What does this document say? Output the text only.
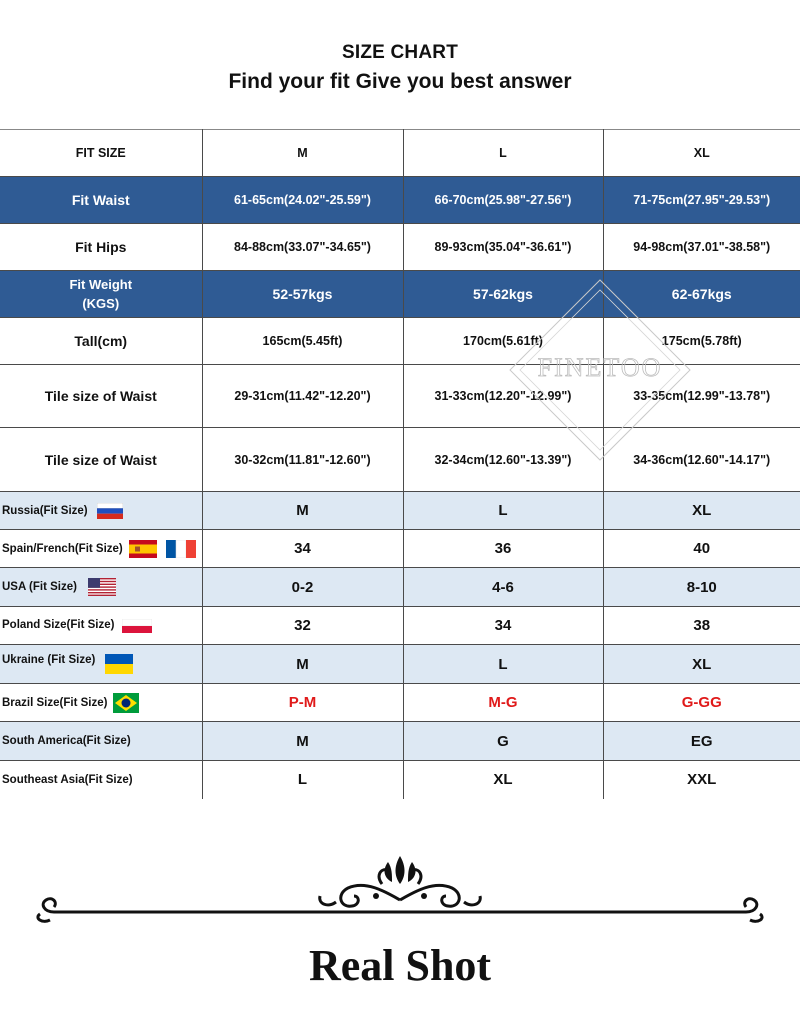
SIZE CHART
Find your fit Give you best answer
FIT SIZE	M	L	XL
Fit Waist	61-65cm(24.02"-25.59")	66-70cm(25.98"-27.56")	71-75cm(27.95"-29.53")
Fit Hips	84-88cm(33.07"-34.65")	89-93cm(35.04"-36.61")	94-98cm(37.01"-38.58")

Fit Weight
(KGS)	52-57kgs	57-62kgs	62-67kgs
Tall(cm)	165cm(5.45ft)	170cm(5.61ft)	175cm(5.78ft)
Tile size of Waist	29-31cm(11.42"-12.20")	31-33cm(12.20"-12.99")	33-35cm(12.99"-13.78")
Tile size of Waist	30-32cm(11.81"-12.60")	32-34cm(12.60"-13.39")	34-36cm(12.60"-14.17")
Russia(Fit Size)	M	L	XL
Spain/French(Fit Size)	34	36	40
USA (Fit Size)	0-2	4-6	8-10
Poland Size(Fit Size)	32	34	38
Ukraine (Fit Size)	M	L	XL
Brazil Size(Fit Size)	P-M	M-G	G-GG
South America(Fit Size)	M	G	EG
Southeast Asia(Fit Size)	L	XL	XXL
FINETOO
Real Shot
